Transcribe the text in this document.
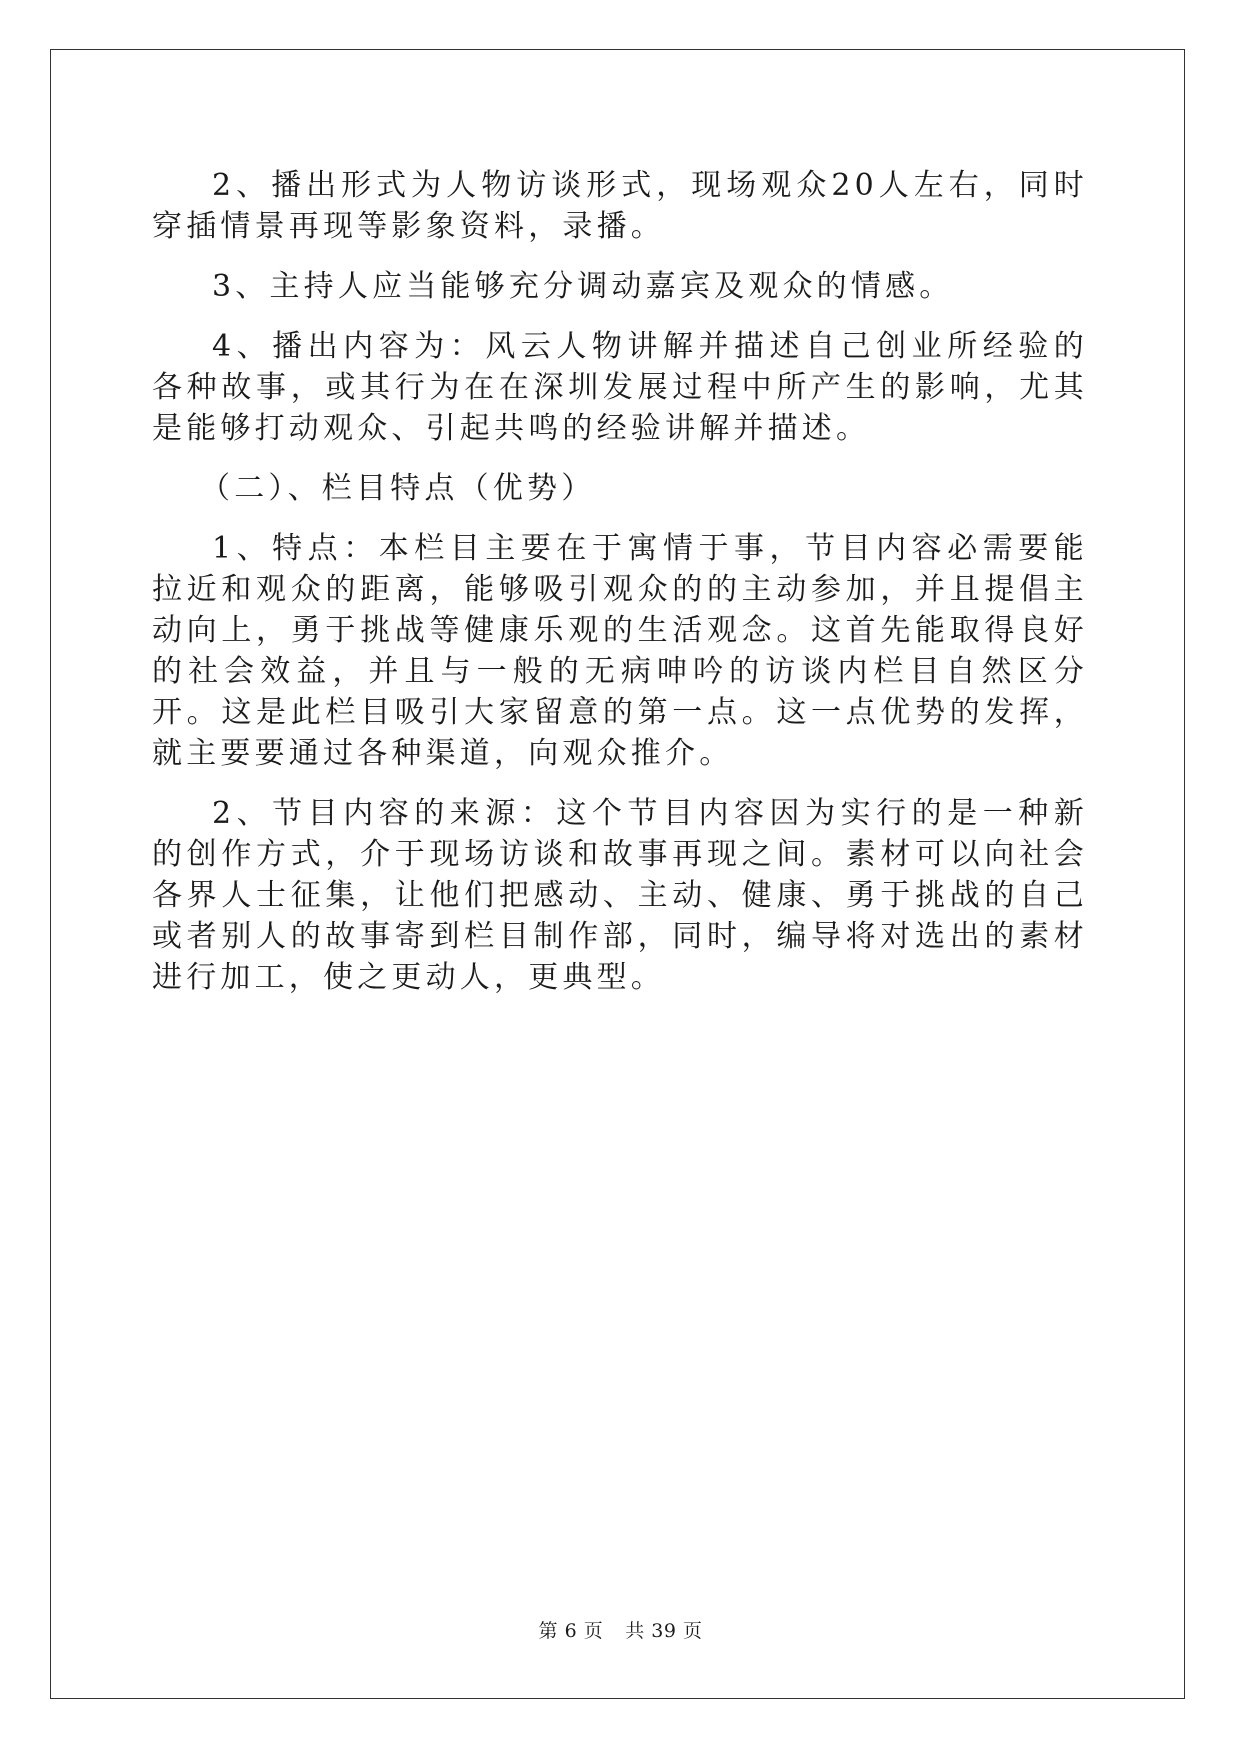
2、播出形式为人物访谈形式，现场观众20人左右，同时穿插情景再现等影象资料，录播。

3、主持人应当能够充分调动嘉宾及观众的情感。

4、播出内容为：风云人物讲解并描述自己创业所经验的各种故事，或其行为在在深圳发展过程中所产生的影响，尤其是能够打动观众、引起共鸣的经验讲解并描述。

（二）、栏目特点（优势）

1、特点：本栏目主要在于寓情于事，节目内容必需要能拉近和观众的距离，能够吸引观众的的主动参加，并且提倡主动向上，勇于挑战等健康乐观的生活观念。这首先能取得良好的社会效益，并且与一般的无病呻吟的访谈内栏目自然区分开。这是此栏目吸引大家留意的第一点。这一点优势的发挥，就主要要通过各种渠道，向观众推介。

2、节目内容的来源：这个节目内容因为实行的是一种新的创作方式，介于现场访谈和故事再现之间。素材可以向社会各界人士征集，让他们把感动、主动、健康、勇于挑战的自己或者别人的故事寄到栏目制作部，同时，编导将对选出的素材进行加工，使之更动人，更典型。

第 6 页 共 39 页
